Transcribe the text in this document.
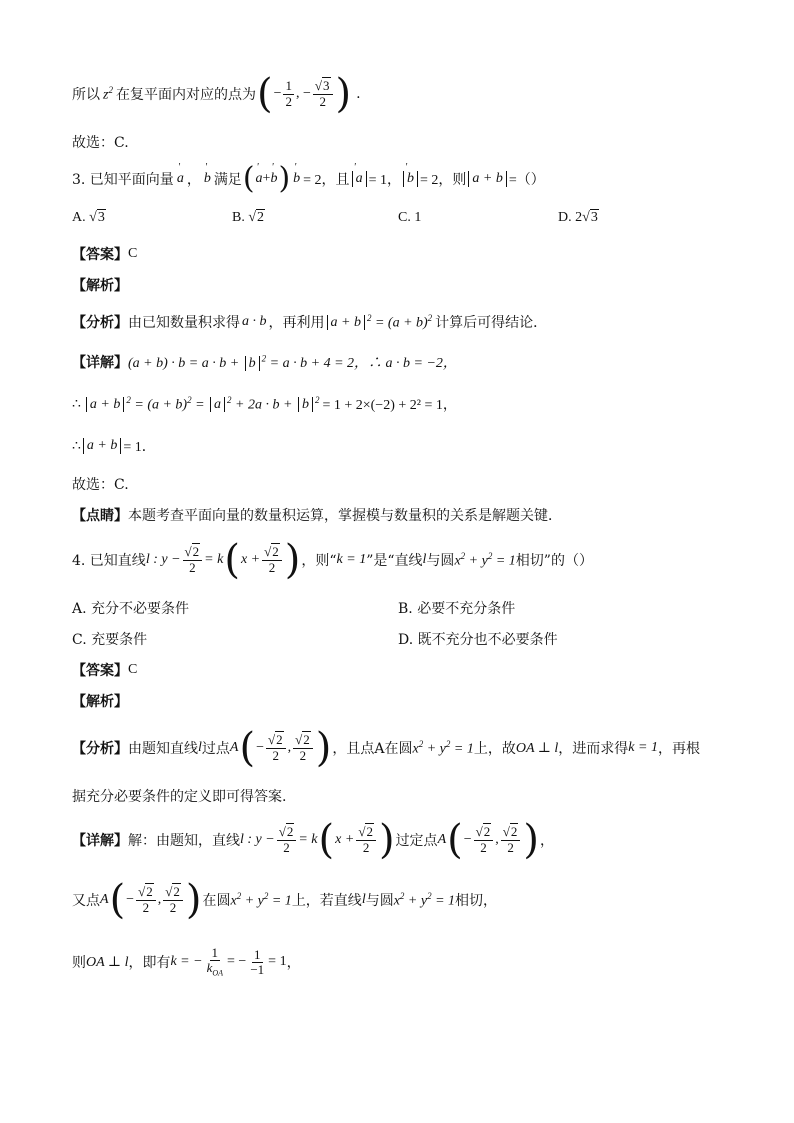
所以 $z^2$ 在复平面内对应的点为 ( − $\frac{1}{2}$ , − $\frac{√3}{2}$ ) .
故选：C.
3. 已知平面向量 ' a ， ' b 满足 ( ' a + ' b ) ' b = 2，且 ' a = 1， ' b = 2，则 a + b =（）
A. √3	B. √2	C. 1	D. 2√3
【答案】 C
【解析】
【分析】 由已知数量积求得 a · b ，再利用 a + b $^2 = (a + b)^2$ 计算后可得结论．
【详解】 (a + b) · b = a · b + b $^2$ = a · b + 4 = 2，∴ a · b = −2，
∴ a + b $^2 = (a + b)^2 = a$ $^2$ + 2a · b + b $^2$ = 1 + 2×(−2) + 2² = 1，
∴ a + b = 1．
故选：C.
【点睛】 本题考查平面向量的数量积运算，掌握模与数量积的关系是解题关键．
4. 已知直线 l : $y - \frac{√2}{2} = k$ ( $x + \frac{√2}{2}$ ) ，则“ k = 1 ”是“直线 l 与圆 $x^2 + y^2 = 1$ 相切”的（）
A. 充分不必要条件	B. 必要不充分条件
C. 充要条件	D. 既不充分也不必要条件
【答案】 C
【解析】
【分析】 由题知直线 l 过点 A ( − $\frac{√2}{2}$ , $\frac{√2}{2}$ ) ，且点A在圆 $x^2 + y^2 = 1$ 上，故 OA ⊥ l ，进而求得 k = 1 ，再根
据充分必要条件的定义即可得答案.
【详解】 解：由题知，直线 l : $y - \frac{√2}{2} = k$ ( $x + \frac{√2}{2}$ ) 过定点 A ( − $\frac{√2}{2}$ , $\frac{√2}{2}$ ) ，
又点 A ( − $\frac{√2}{2}$ , $\frac{√2}{2}$ ) 在圆 $x^2 + y^2 = 1$ 上，若直线 l 与圆 $x^2 + y^2 = 1$ 相切，
则 OA ⊥ l ，即有 k = − $\frac{1}{k_{OA}}$ = − $\frac{1}{-1} = 1$ ，
